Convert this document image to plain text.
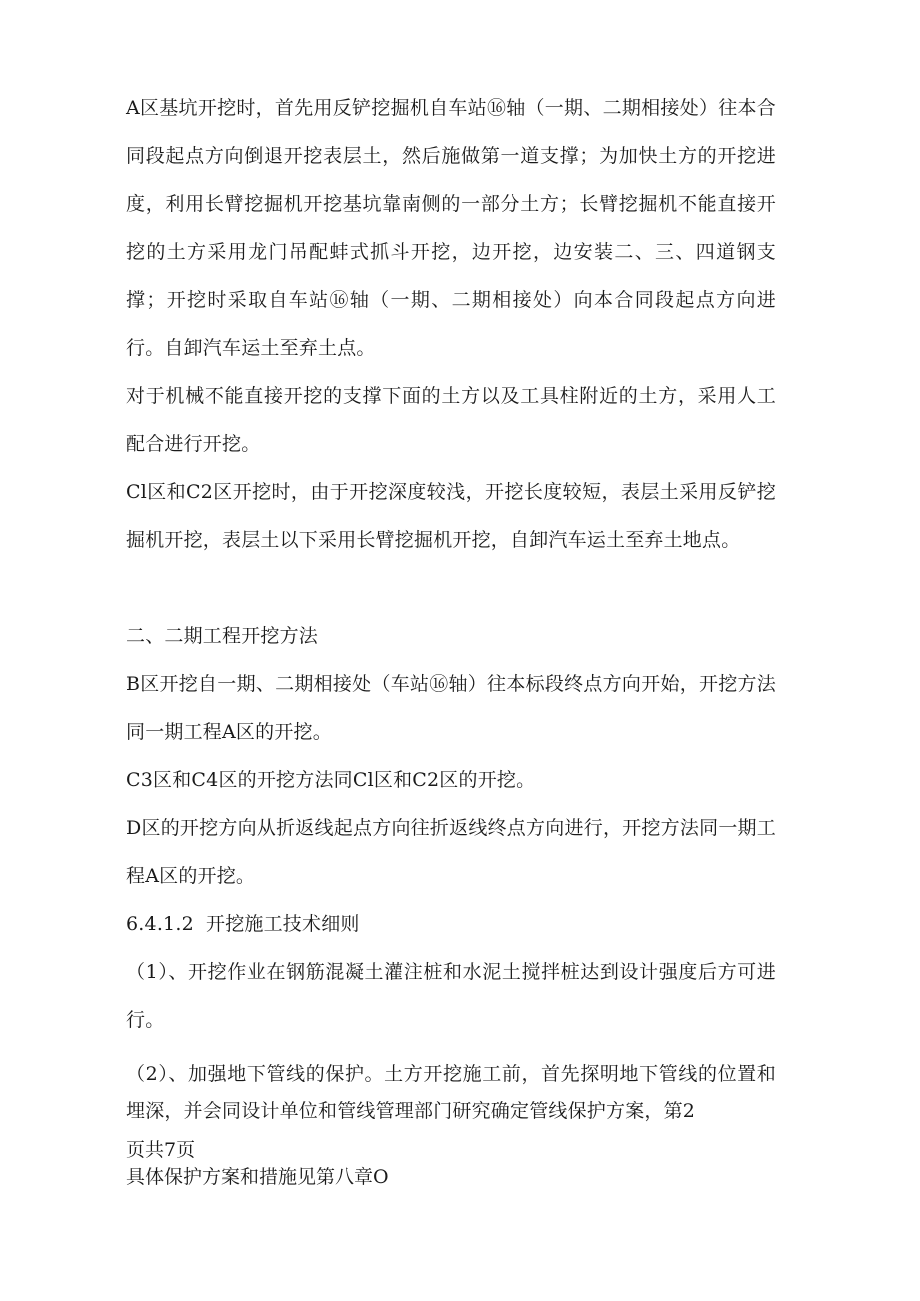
A区基坑开挖时，首先用反铲挖掘机自车站⑯轴（一期、二期相接处）往本合同段起点方向倒退开挖表层土，然后施做第一道支撑；为加快土方的开挖进度，利用长臂挖掘机开挖基坑靠南侧的一部分土方；长臂挖掘机不能直接开挖的土方采用龙门吊配蚌式抓斗开挖，边开挖，边安装二、三、四道钢支撑；开挖时采取自车站⑯轴（一期、二期相接处）向本合同段起点方向进行。自卸汽车运土至弃土点。

对于机械不能直接开挖的支撑下面的土方以及工具柱附近的土方，采用人工配合进行开挖。

Cl区和C2区开挖时，由于开挖深度较浅，开挖长度较短，表层土采用反铲挖掘机开挖，表层土以下采用长臂挖掘机开挖，自卸汽车运土至弃土地点。

二、二期工程开挖方法

B区开挖自一期、二期相接处（车站⑯轴）往本标段终点方向开始，开挖方法同一期工程A区的开挖。

C3区和C4区的开挖方法同Cl区和C2区的开挖。

D区的开挖方向从折返线起点方向往折返线终点方向进行，开挖方法同一期工程A区的开挖。

6.4.1.2 开挖施工技术细则

（1）、开挖作业在钢筋混凝土灌注桩和水泥土搅拌桩达到设计强度后方可进行。

（2）、加强地下管线的保护。土方开挖施工前，首先探明地下管线的位置和埋深，并会同设计单位和管线管理部门研究确定管线保护方案，第2

页共7页

具体保护方案和措施见第八章O
